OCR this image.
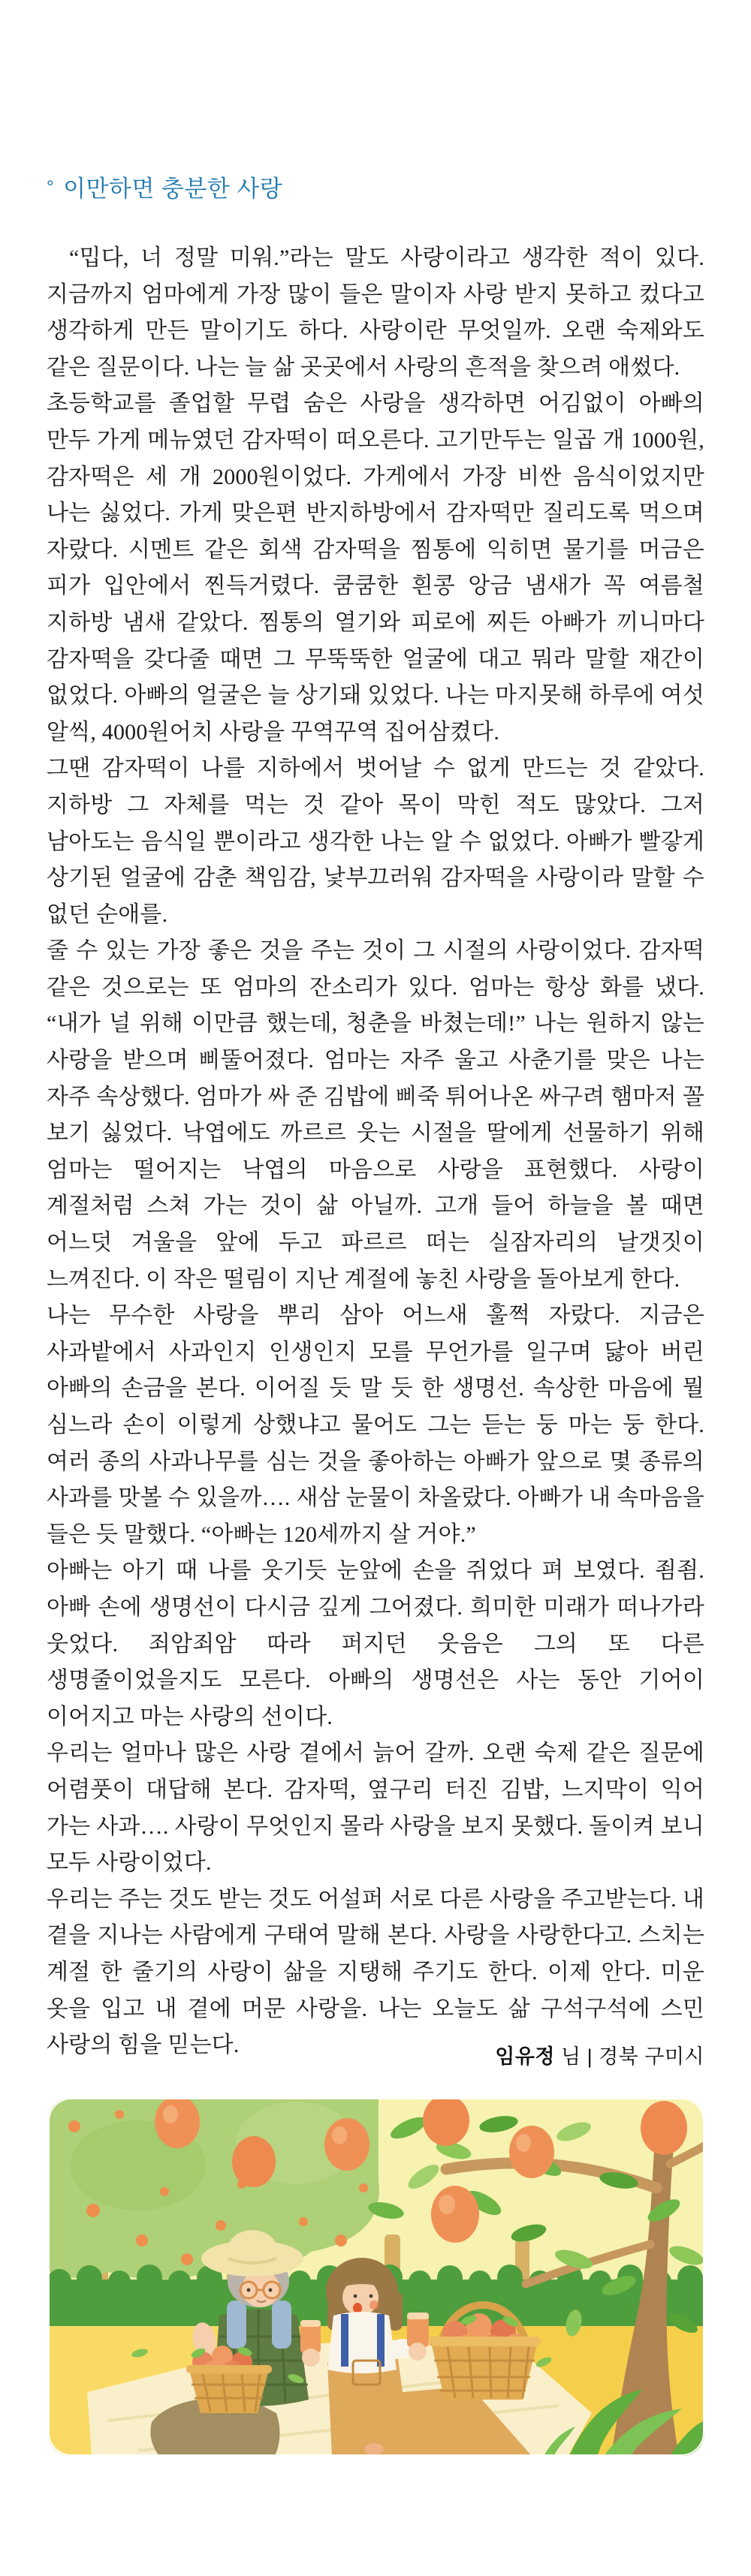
° 이만하면 충분한 사랑

“밉다, 너 정말 미워.”라는 말도 사랑이라고 생각한 적이 있다. 지금까지 엄마에게 가장 많이 들은 말이자 사랑 받지 못하고 컸다고 생각하게 만든 말이기도 하다. 사랑이란 무엇일까. 오랜 숙제와도 같은 질문이다. 나는 늘 삶 곳곳에서 사랑의 흔적을 찾으려 애썼다.

초등학교를 졸업할 무렵 숨은 사랑을 생각하면 어김없이 아빠의 만두 가게 메뉴였던 감자떡이 떠오른다. 고기만두는 일곱 개 1000원, 감자떡은 세 개 2000원이었다. 가게에서 가장 비싼 음식이었지만 나는 싫었다. 가게 맞은편 반지하방에서 감자떡만 질리도록 먹으며 자랐다. 시멘트 같은 회색 감자떡을 찜통에 익히면 물기를 머금은 피가 입안에서 찐득거렸다. 쿰쿰한 흰콩 앙금 냄새가 꼭 여름철 지하방 냄새 같았다. 찜통의 열기와 피로에 찌든 아빠가 끼니마다 감자떡을 갖다줄 때면 그 무뚝뚝한 얼굴에 대고 뭐라 말할 재간이 없었다. 아빠의 얼굴은 늘 상기돼 있었다. 나는 마지못해 하루에 여섯 알씩, 4000원어치 사랑을 꾸역꾸역 집어삼켰다.

그땐 감자떡이 나를 지하에서 벗어날 수 없게 만드는 것 같았다. 지하방 그 자체를 먹는 것 같아 목이 막힌 적도 많았다. 그저 남아도는 음식일 뿐이라고 생각한 나는 알 수 없었다. 아빠가 빨갛게 상기된 얼굴에 감춘 책임감, 낯부끄러워 감자떡을 사랑이라 말할 수 없던 순애를.

줄 수 있는 가장 좋은 것을 주는 것이 그 시절의 사랑이었다. 감자떡 같은 것으로는 또 엄마의 잔소리가 있다. 엄마는 항상 화를 냈다. “내가 널 위해 이만큼 했는데, 청춘을 바쳤는데!” 나는 원하지 않는 사랑을 받으며 삐뚤어졌다. 엄마는 자주 울고 사춘기를 맞은 나는 자주 속상했다. 엄마가 싸 준 김밥에 삐죽 튀어나온 싸구려 햄마저 꼴 보기 싫었다. 낙엽에도 까르르 웃는 시절을 딸에게 선물하기 위해 엄마는 떨어지는 낙엽의 마음으로 사랑을 표현했다. 사랑이 계절처럼 스쳐 가는 것이 삶 아닐까. 고개 들어 하늘을 볼 때면 어느덧 겨울을 앞에 두고 파르르 떠는 실잠자리의 날갯짓이 느껴진다. 이 작은 떨림이 지난 계절에 놓친 사랑을 돌아보게 한다.

나는 무수한 사랑을 뿌리 삼아 어느새 훌쩍 자랐다. 지금은 사과밭에서 사과인지 인생인지 모를 무언가를 일구며 닳아 버린 아빠의 손금을 본다. 이어질 듯 말 듯 한 생명선. 속상한 마음에 뭘 심느라 손이 이렇게 상했냐고 물어도 그는 듣는 둥 마는 둥 한다. 여러 종의 사과나무를 심는 것을 좋아하는 아빠가 앞으로 몇 종류의 사과를 맛볼 수 있을까…. 새삼 눈물이 차올랐다. 아빠가 내 속마음을 들은 듯 말했다. “아빠는 120세까지 살 거야.”

아빠는 아기 때 나를 웃기듯 눈앞에 손을 쥐었다 펴 보였다. 죔죔. 아빠 손에 생명선이 다시금 깊게 그어졌다. 희미한 미래가 떠나가라 웃었다. 죄암죄암 따라 퍼지던 웃음은 그의 또 다른 생명줄이었을지도 모른다. 아빠의 생명선은 사는 동안 기어이 이어지고 마는 사랑의 선이다.

우리는 얼마나 많은 사랑 곁에서 늙어 갈까. 오랜 숙제 같은 질문에 어렴풋이 대답해 본다. 감자떡, 옆구리 터진 김밥, 느지막이 익어 가는 사과…. 사랑이 무엇인지 몰라 사랑을 보지 못했다. 돌이켜 보니 모두 사랑이었다.

우리는 주는 것도 받는 것도 어설퍼 서로 다른 사랑을 주고받는다. 내 곁을 지나는 사람에게 구태여 말해 본다. 사랑을 사랑한다고. 스치는 계절 한 줄기의 사랑이 삶을 지탱해 주기도 한다. 이제 안다. 미운 옷을 입고 내 곁에 머문 사랑을. 나는 오늘도 삶 구석구석에 스민 사랑의 힘을 믿는다.	임유정 님 | 경북 구미시
